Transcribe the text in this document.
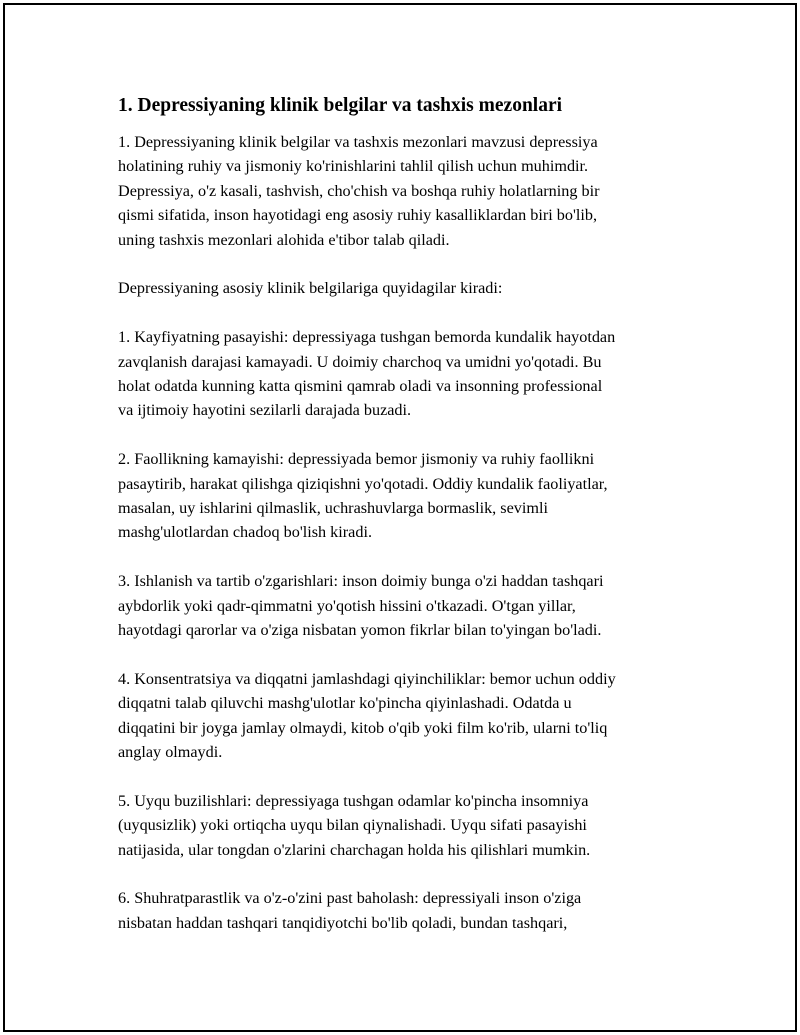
1. Depressiyaning klinik belgilar va tashxis mezonlari
1. Depressiyaning klinik belgilar va tashxis mezonlari mavzusi depressiya
holatining ruhiy va jismoniy ko'rinishlarini tahlil qilish uchun muhimdir.
Depressiya, o'z kasali, tashvish, cho'chish va boshqa ruhiy holatlarning bir
qismi sifatida, inson hayotidagi eng asosiy ruhiy kasalliklardan biri bo'lib,
uning tashxis mezonlari alohida e'tibor talab qiladi.
Depressiyaning asosiy klinik belgilariga quyidagilar kiradi:
1. Kayfiyatning pasayishi: depressiyaga tushgan bemorda kundalik hayotdan
zavqlanish darajasi kamayadi. U doimiy charchoq va umidni yo'qotadi. Bu
holat odatda kunning katta qismini qamrab oladi va insonning professional
va ijtimoiy hayotini sezilarli darajada buzadi.
2. Faollikning kamayishi: depressiyada bemor jismoniy va ruhiy faollikni
pasaytirib, harakat qilishga qiziqishni yo'qotadi. Oddiy kundalik faoliyatlar,
masalan, uy ishlarini qilmaslik, uchrashuvlarga bormaslik, sevimli
mashg'ulotlardan chadoq bo'lish kiradi.
3. Ishlanish va tartib o'zgarishlari: inson doimiy bunga o'zi haddan tashqari
aybdorlik yoki qadr-qimmatni yo'qotish hissini o'tkazadi. O'tgan yillar,
hayotdagi qarorlar va o'ziga nisbatan yomon fikrlar bilan to'yingan bo'ladi.
4. Konsentratsiya va diqqatni jamlashdagi qiyinchiliklar: bemor uchun oddiy
diqqatni talab qiluvchi mashg'ulotlar ko'pincha qiyinlashadi. Odatda u
diqqatini bir joyga jamlay olmaydi, kitob o'qib yoki film ko'rib, ularni to'liq
anglay olmaydi.
5. Uyqu buzilishlari: depressiyaga tushgan odamlar ko'pincha insomniya
(uyqusizlik) yoki ortiqcha uyqu bilan qiynalishadi. Uyqu sifati pasayishi
natijasida, ular tongdan o'zlarini charchagan holda his qilishlari mumkin.
6. Shuhratparastlik va o'z-o'zini past baholash: depressiyali inson o'ziga
nisbatan haddan tashqari tanqidiyotchi bo'lib qoladi, bundan tashqari,
